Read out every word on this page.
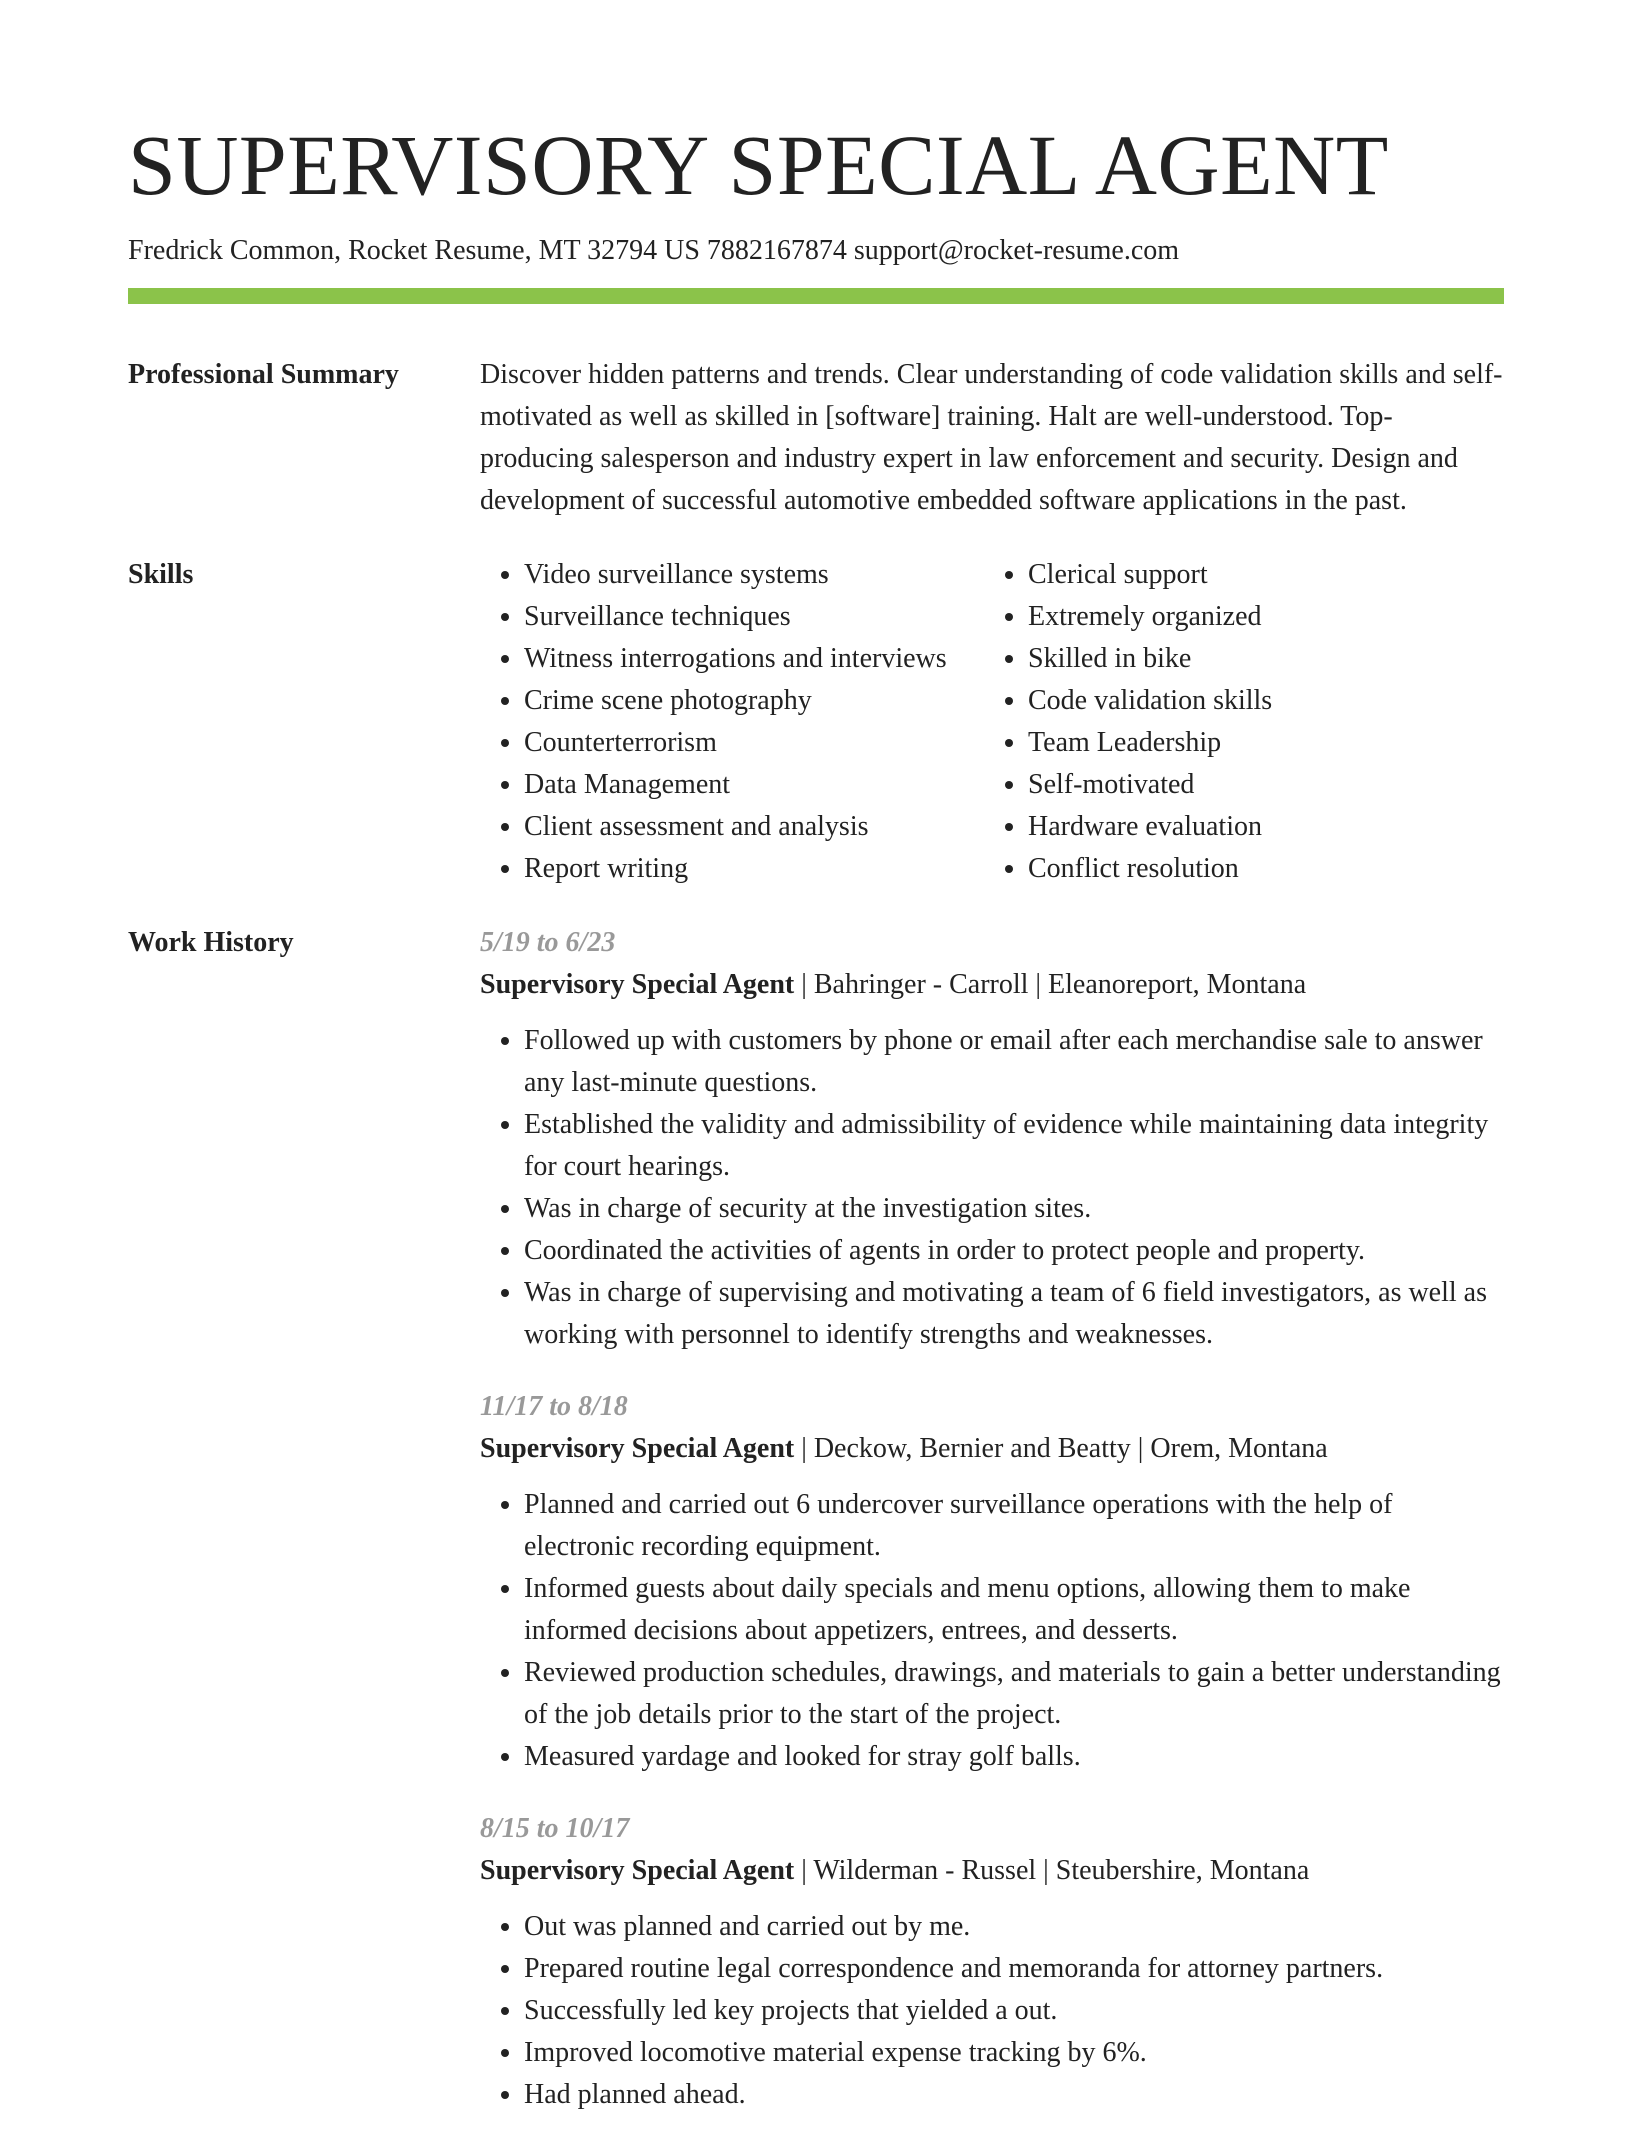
SUPERVISORY SPECIAL AGENT
Fredrick Common, Rocket Resume, MT 32794 US 7882167874 support@rocket-resume.com
Professional Summary	Discover hidden patterns and trends. Clear understanding of code validation skills and self-motivated as well as skilled in [software] training. Halt are well-understood. Top-producing salesperson and industry expert in law enforcement and security. Design and development of successful automotive embedded software applications in the past.
Skills
•	Video surveillance systems
• Surveillance techniques
• Witness interrogations and interviews
• Crime scene photography
• Counterterrorism
• Data Management
• Client assessment and analysis
• Report writing
• Clerical support
• Extremely organized
• Skilled in bike
• Code validation skills
• Team Leadership
• Self-motivated
• Hardware evaluation
• Conflict resolution
Work History	5/19 to 6/23
Supervisory Special Agent | Bahringer - Carroll | Eleanoreport, Montana
• Followed up with customers by phone or email after each merchandise sale to answer any last-minute questions.
• Established the validity and admissibility of evidence while maintaining data integrity for court hearings.
• Was in charge of security at the investigation sites.
• Coordinated the activities of agents in order to protect people and property.
• Was in charge of supervising and motivating a team of 6 field investigators, as well as working with personnel to identify strengths and weaknesses.
11/17 to 8/18
Supervisory Special Agent | Deckow, Bernier and Beatty | Orem, Montana
• Planned and carried out 6 undercover surveillance operations with the help of electronic recording equipment.
• Informed guests about daily specials and menu options, allowing them to make informed decisions about appetizers, entrees, and desserts.
• Reviewed production schedules, drawings, and materials to gain a better understanding of the job details prior to the start of the project.
• Measured yardage and looked for stray golf balls.
8/15 to 10/17
Supervisory Special Agent | Wilderman - Russel | Steubershire, Montana
• Out was planned and carried out by me.
• Prepared routine legal correspondence and memoranda for attorney partners.
• Successfully led key projects that yielded a out.
• Improved locomotive material expense tracking by 6%.
• Had planned ahead.
